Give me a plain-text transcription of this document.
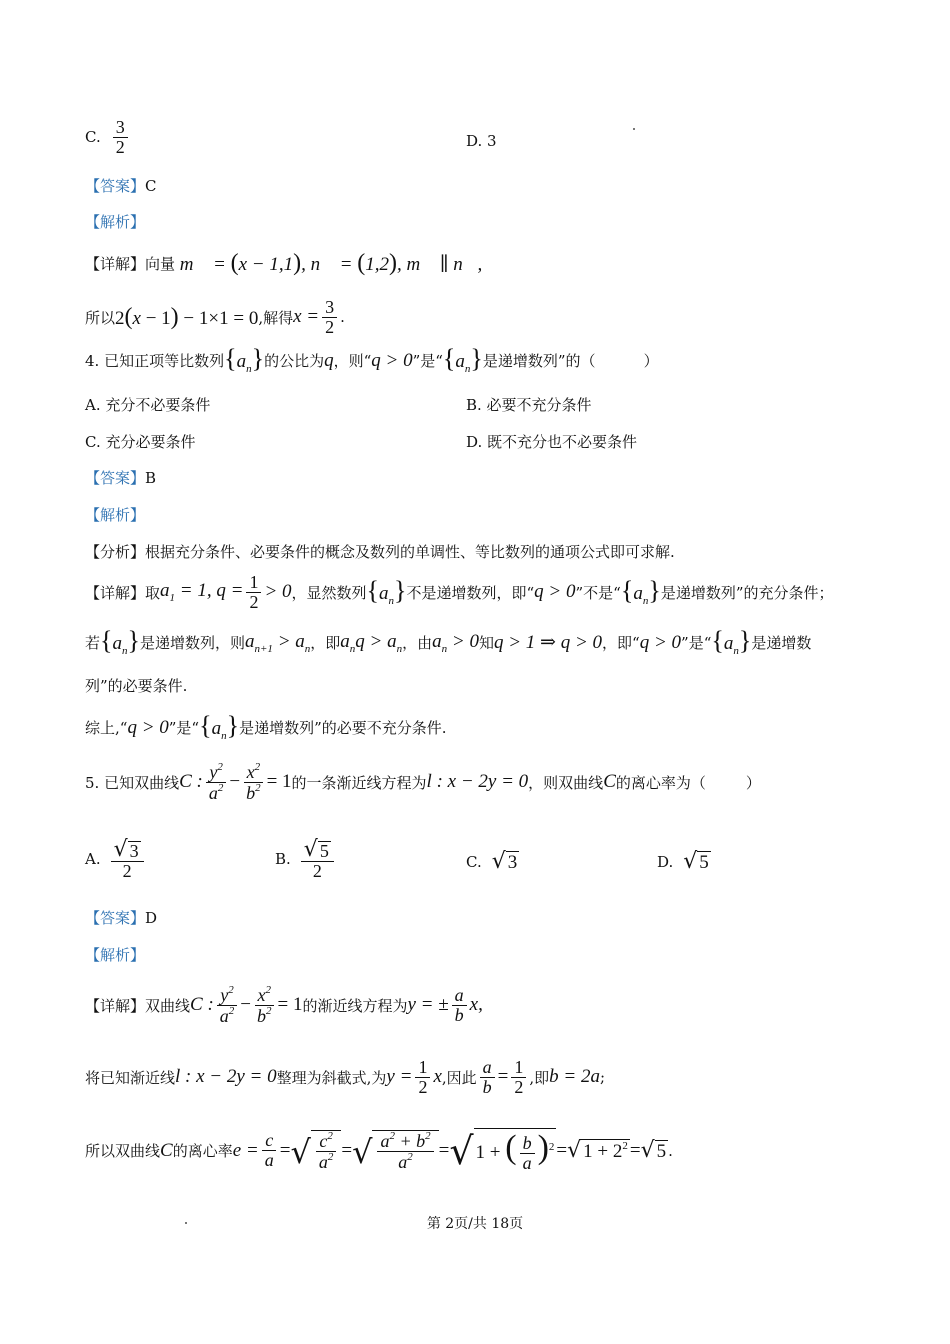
C. $\frac{3}{2}$	D. 3
【答案】 C
【解析】
【详解】 向量 m⃗ = (x − 1,1), n⃗ = (1,2), m⃗ ∥ n⃗,
所以 2(x − 1) − 1×1 = 0 ,解得 $x = \frac{3}{2}$ .
4. 已知正项等比数列 $\{a_n\}$ 的公比为 q ，则“ q > 0 ”是“ $\{a_n\}$ 是递增数列”的（	）
A. 充分不必要条件	B. 必要不充分条件
C. 充分必要条件	D. 既不充分也不必要条件
【答案】 B
【解析】
【分析】 根据充分条件、必要条件的概念及数列的单调性、等比数列的通项公式即可求解.
【详解】 取 $a_1 = 1$, $q = \frac{1}{2} > 0$ ，显然数列 $\{a_n\}$ 不是递增数列，即“ q > 0 ”不是“ $\{a_n\}$ 是递增数列”的充分条件；
若 $\{a_n\}$ 是递增数列，则 $a_{n+1} > a_n$ ，即 $a_nq > a_n$ ，由 $a_n > 0$ 知 q > 1 ⇒ q > 0 ，即“ q > 0 ”是“ $\{a_n\}$ 是递增数
列”的必要条件.
综上,“ q > 0 ”是“ $\{a_n\}$ 是递增数列”的必要不充分条件.
5. 已知双曲线 C : $\frac{y^2}{a^2} - \frac{x^2}{b^2} = 1$ 的一条渐近线方程为 l : x − 2y = 0 ，则双曲线 C 的离心率为（	）
A. $\frac{√ 3}{2}$	B. $\frac{√ 5}{2}$	C. √ 3	D. √ 5
【答案】 D
【解析】
【详解】 双曲线 C : $\frac{y^2}{a^2} - \frac{x^2}{b^2} = 1$ 的渐近线方程为 y = ± $\frac{a}{b} x$,
将已知渐近线 l : x − 2y = 0 整理为斜截式,为 $y = \frac{1}{2}$ x ,因此 $\frac{a}{b} = \frac{1}{2}$ ,即 b = 2a ;
所以双曲线 C 的离心率 $e = \frac{c}{a}$ = √ $\frac{c^2}{a^2}$ = √ $\frac{a^2 + b^2}{a^2}$ = √ 1 + ( $\frac{b}{a} )^2$ = √ $1 + 2^2$ = √ 5 .
第 2页/共 18页
